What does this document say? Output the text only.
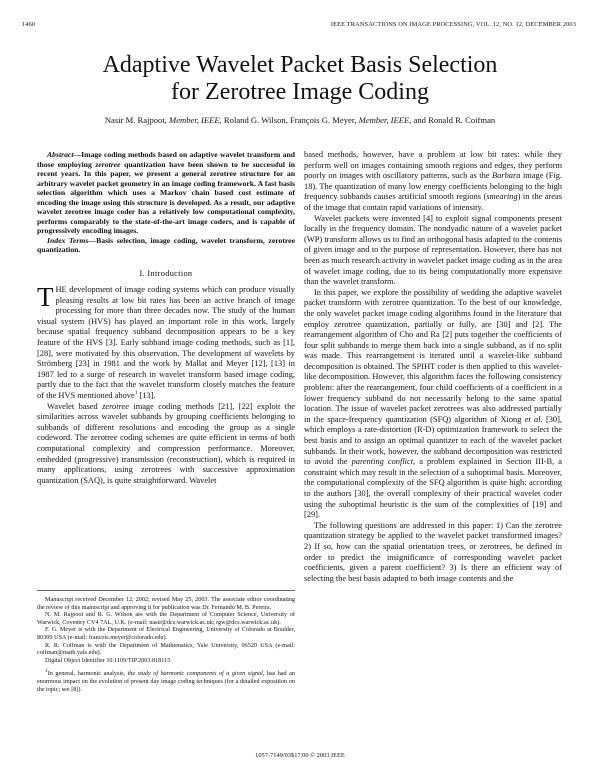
1460	IEEE TRANSACTIONS ON IMAGE PROCESSING, VOL. 12, NO. 12, DECEMBER 2003
Adaptive Wavelet Packet Basis Selection
for Zerotree Image Coding
Nasir M. Rajpoot, Member, IEEE, Roland G. Wilson, François G. Meyer, Member, IEEE, and Ronald R. Coifman

Abstract—Image coding methods based on adaptive wavelet transform and those employing zerotree quantization have been shown to be successful in recent years. In this paper, we present a general zerotree structure for an arbitrary wavelet packet geometry in an image coding framework. A fast basis selection algorithm which uses a Markov chain based cost estimate of encoding the image using this structure is developed. As a result, our adaptive wavelet zerotree image coder has a relatively low computational complexity, performs comparably to the state-of-the-art image coders, and is capable of progressively encoding images.

Index Terms—Basis selection, image coding, wavelet transform, zerotree quantization.

I. Introduction

THE development of image coding systems which can produce visually pleasing results at low bit rates has been an active branch of image processing for more than three decades now. The study of the human visual system (HVS) has played an important role in this work, largely because spatial frequency subband decomposition appears to be a key feature of the HVS [3]. Early subband image coding methods, such as [1], [28], were motivated by this observation. The development of wavelets by Strömberg [23] in 1981 and the work by Mallat and Meyer [12], [13] in 1987 led to a surge of research in wavelet transform based image coding, partly due to the fact that the wavelet transform closely matches the feature of the HVS mentioned above$^1$ [13].

Wavelet based zerotree image coding methods [21], [22] exploit the similarities across wavelet subbands by grouping coefficients belonging to subbands of different resolutions and encoding the group as a single codeword. The zerotree coding schemes are quite efficient in terms of both computational complexity and compression performance. Moreover, embedded (progressive) transmission (reconstruction), which is required in many applications, using zerotrees with successive approximation quantization (SAQ), is quite straightforward. Wavelet

based methods, however, have a problem at low bit rates: while they perform well on images containing smooth regions and edges, they perform poorly on images with oscillatory patterns, such as the Barbara image (Fig. 18). The quantization of many low energy coefficients belonging to the high frequency subbands causes artificial smooth regions (smearing) in the areas of the image that contain rapid variations of intensity.

Wavelet packets were invented [4] to exploit signal components present locally in the frequency domain. The nondyadic nature of a wavelet packet (WP) transform allows us to find an orthogonal basis adapted to the contents of given image and to the purpose of representation. However, there has not been as much research activity in wavelet packet image coding as in the area of wavelet image coding, due to its being computationally more expensive than the wavelet transform.

In this paper, we explore the possibility of wedding the adaptive wavelet packet transform with zerotree quantization. To the best of our knowledge, the only wavelet packet image coding algorithms found in the literature that employ zerotree quantization, partially or fully, are [30] and [2]. The rearrangement algorithm of Cho and Ra [2] puts together the coefficients of four split subbands to merge them back into a single subband, as if no split was made. This rearrangement is iterated until a wavelet-like subband decomposition is obtained. The SPIHT coder is then applied to this wavelet-like decomposition. However, this algorithm faces the following consistency problem: after the rearrangement, four child coefficients of a coefficient in a lower frequency subband do not necessarily belong to the same spatial location. The issue of wavelet packet zerotrees was also addressed partially in the space-frequency quantization (SFQ) algorithm of Xiong et al. [30], which employs a rate-distortion (R-D) optimization framework to select the best basis and to assign an optimal quantizer to each of the wavelet packet subbands. In their work, however, the subband decomposition was restricted to avoid the parenting conflict, a problem explained in Section III-B, a constraint which may result in the selection of a suboptimal basis. Moreover, the computational complexity of the SFQ algorithm is quite high: according to the authors [30], the overall complexity of their practical wavelet coder using the suboptimal heuristic is the sum of the complexities of [19] and [29].

The following questions are addressed in this paper: 1) Can the zerotree quantization strategy be applied to the wavelet packet transformed images? 2) If so, how can the spatial orientation trees, or zerotrees, be defined in order to predict the insignificance of corresponding wavelet packet coefficients, given a parent coefficient? 3) Is there an efficient way of selecting the best basis adapted to both image contents and the

Manuscript received December 12, 2002; revised May 25, 2003. The associate editor coordinating the review of this manuscript and approving it for publication was Dr. Fernando M. B. Pereira.

N. M. Rajpoot and R. G. Wilson are with the Department of Computer Science, University of Warwick, Coventry CV4 7AL, U.K. (e-mail: nasir@dcs.warwick.ac.uk; rgw@dcs.warwick.ac.uk).

F. G. Meyer is with the Department of Electrical Engineering, University of Colorado at Boulder, 80309 USA (e-mail: francois.meyer@colorado.edu).

R. R. Coifman is with the Department of Mathematics, Yale University, 06520 USA (e-mail: coifman@math.yale.edu).

Digital Object Identifier 10.1109/TIP.2003.818115

1In general, harmonic analysis, the study of harmonic components of a given signal, has had an enormous impact on the evolution of present day image coding techniques (for a detailed exposition on the topic; see [8]).

1057-7149/03$17.00 © 2003 IEEE
